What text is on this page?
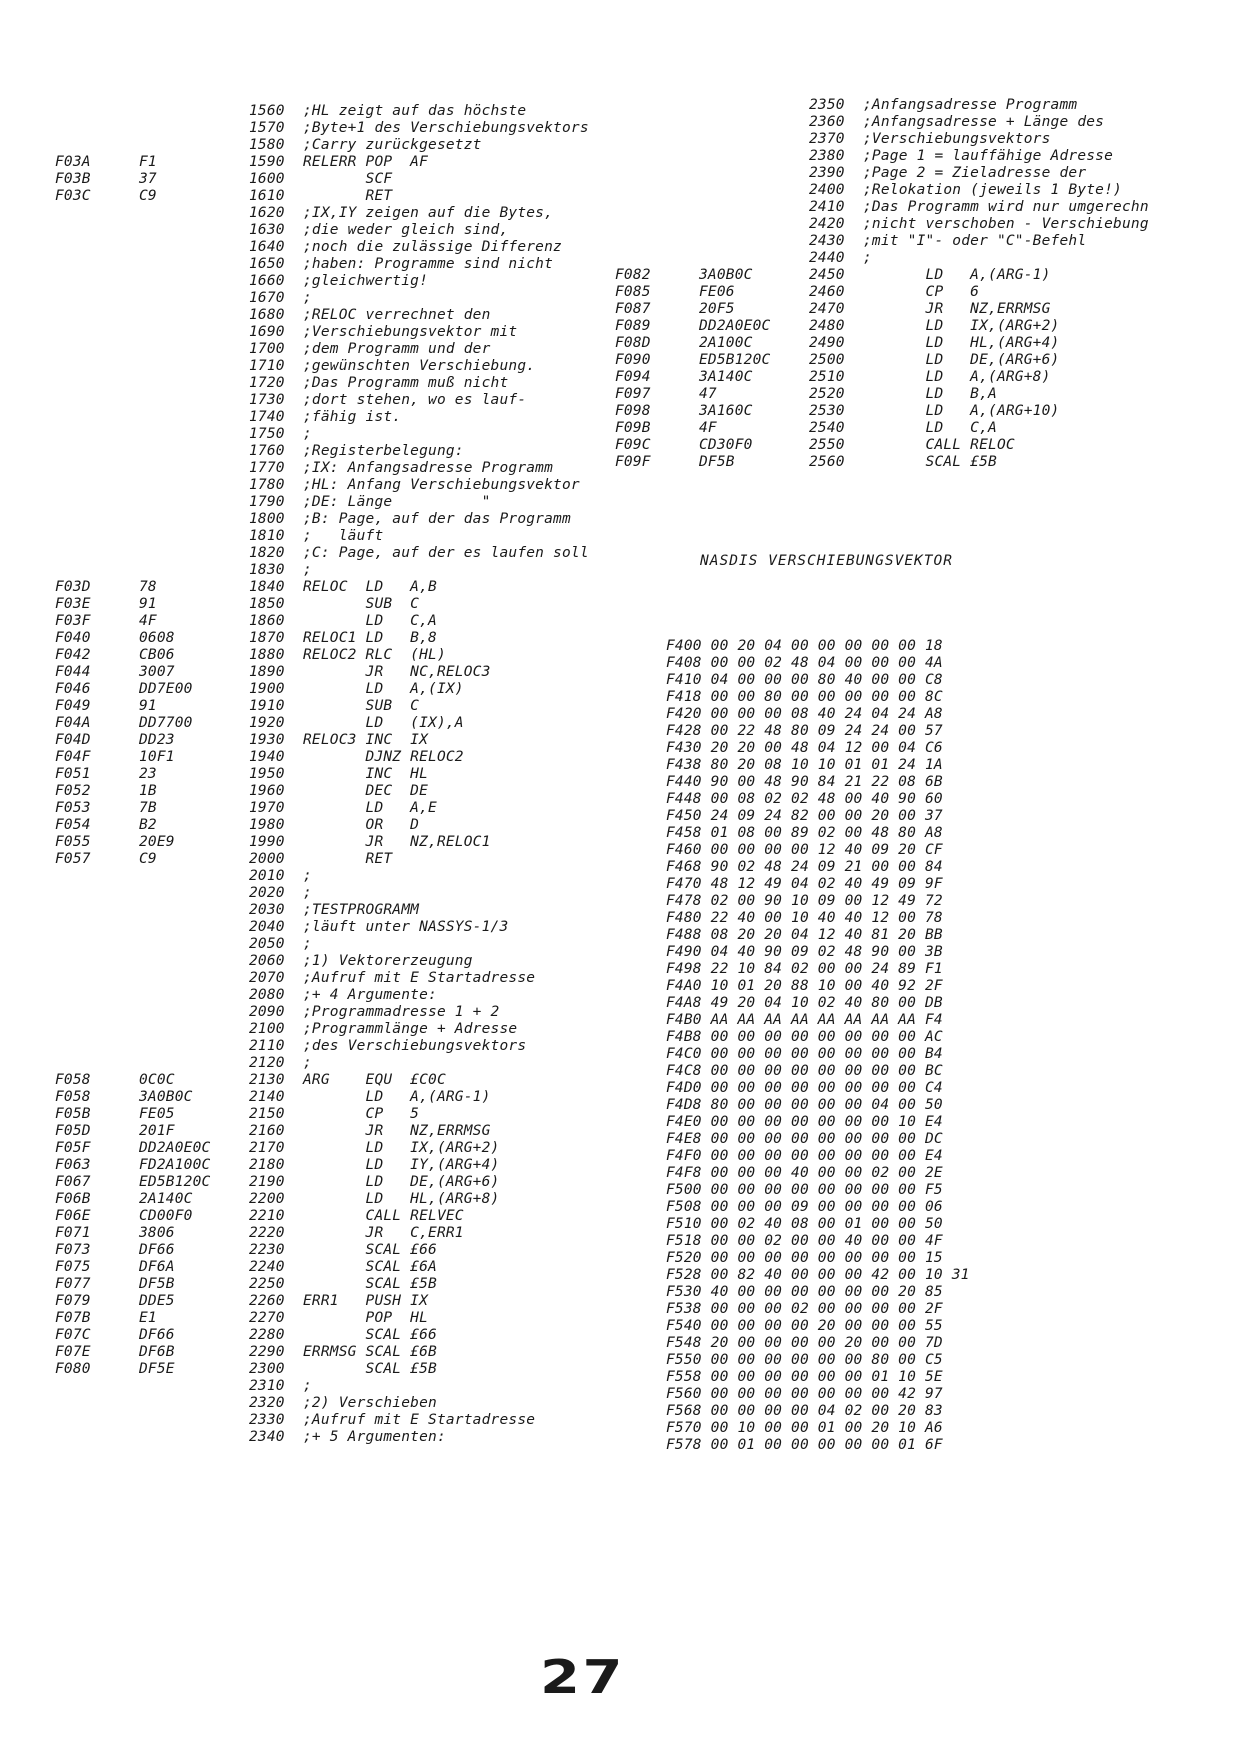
1560 ;HL zeigt auf das höchste
1570 ;Byte+1 des Verschiebungsvektors
1580 ;Carry zurückgesetzt
F03A	F1	1590 RELERR POP  AF
F03B	37	1600       SCF
F03C	C9	1610       RET
1620 ;IX,IY zeigen auf die Bytes,
1630 ;die weder gleich sind,
1640 ;noch die zulässige Differenz
1650 ;haben: Programme sind nicht
1660 ;gleichwertig!
1670 ;
1680 ;RELOC verrechnet den
1690 ;Verschiebungsvektor mit
1700 ;dem Programm und der
1710 ;gewünschten Verschiebung.
1720 ;Das Programm muß nicht
1730 ;dort stehen, wo es lauf-
1740 ;fähig ist.
1750 ;
1760 ;Registerbelegung:
1770 ;IX: Anfangsadresse Programm
1780 ;HL: Anfang Verschiebungsvektor
1790 ;DE: Länge          "
1800 ;B: Page, auf der das Programm
1810 ;   läuft
1820 ;C: Page, auf der es laufen soll
1830 ;
F03D	78	1840 RELOC  LD   A,B
F03E	91	1850       SUB  C
F03F	4F	1860       LD   C,A
F040	0608	1870 RELOC1 LD   B,8
F042	CB06	1880 RELOC2 RLC  (HL)
F044	3007	1890       JR   NC,RELOC3
F046	DD7E00	1900       LD   A,(IX)
F049	91	1910       SUB  C
F04A	DD7700	1920       LD   (IX),A
F04D	DD23	1930 RELOC3 INC  IX
F04F	10F1	1940       DJNZ RELOC2
F051	23	1950       INC  HL
F052	1B	1960       DEC  DE
F053	7B	1970       LD   A,E
F054	B2	1980       OR   D
F055	20E9	1990       JR   NZ,RELOC1
F057	C9	2000       RET
2010 ;
2020 ;
2030 ;TESTPROGRAMM
2040 ;läuft unter NASSYS-1/3
2050 ;
2060 ;1) Vektorerzeugung
2070 ;Aufruf mit E Startadresse
2080 ;+ 4 Argumente:
2090 ;Programmadresse 1 + 2
2100 ;Programmlänge + Adresse
2110 ;des Verschiebungsvektors
2120 ;
F058	0C0C	2130 ARG    EQU  £C0C
F058	3A0B0C	2140       LD   A,(ARG-1)
F05B	FE05	2150       CP   5
F05D	201F	2160       JR   NZ,ERRMSG
F05F	DD2A0E0C	2170       LD   IX,(ARG+2)
F063	FD2A100C	2180       LD   IY,(ARG+4)
F067	ED5B120C	2190       LD   DE,(ARG+6)
F06B	2A140C	2200       LD   HL,(ARG+8)
F06E	CD00F0	2210       CALL RELVEC
F071	3806	2220       JR   C,ERR1
F073	DF66	2230       SCAL £66
F075	DF6A	2240       SCAL £6A
F077	DF5B	2250       SCAL £5B
F079	DDE5	2260 ERR1   PUSH IX
F07B	E1	2270       POP  HL
F07C	DF66	2280       SCAL £66
F07E	DF6B	2290 ERRMSG SCAL £6B
F080	DF5E	2300       SCAL £5B
2310 ;
2320 ;2) Verschieben
2330 ;Aufruf mit E Startadresse
2340 ;+ 5 Argumenten:
2350 ;Anfangsadresse Programm
2360 ;Anfangsadresse + Länge des
2370 ;Verschiebungsvektors
2380 ;Page 1 = lauffähige Adresse
2390 ;Page 2 = Zieladresse der
2400 ;Relokation (jeweils 1 Byte!)
2410 ;Das Programm wird nur umgerechn
2420 ;nicht verschoben - Verschiebung
2430 ;mit "I"- oder "C"-Befehl
2440 ;
F082	3A0B0C	2450       LD   A,(ARG-1)
F085	FE06	2460       CP   6
F087	20F5	2470       JR   NZ,ERRMSG
F089	DD2A0E0C	2480       LD   IX,(ARG+2)
F08D	2A100C	2490       LD   HL,(ARG+4)
F090	ED5B120C	2500       LD   DE,(ARG+6)
F094	3A140C	2510       LD   A,(ARG+8)
F097	47	2520       LD   B,A
F098	3A160C	2530       LD   A,(ARG+10)
F09B	4F	2540       LD   C,A
F09C	CD30F0	2550       CALL RELOC
F09F	DF5B	2560       SCAL £5B
NASDIS VERSCHIEBUNGSVEKTOR
F400 00 20 04 00 00 00 00 00 18
F408 00 00 02 48 04 00 00 00 4A
F410 04 00 00 00 80 40 00 00 C8
F418 00 00 80 00 00 00 00 00 8C
F420 00 00 00 08 40 24 04 24 A8
F428 00 22 48 80 09 24 24 00 57
F430 20 20 00 48 04 12 00 04 C6
F438 80 20 08 10 10 01 01 24 1A
F440 90 00 48 90 84 21 22 08 6B
F448 00 08 02 02 48 00 40 90 60
F450 24 09 24 82 00 00 20 00 37
F458 01 08 00 89 02 00 48 80 A8
F460 00 00 00 00 12 40 09 20 CF
F468 90 02 48 24 09 21 00 00 84
F470 48 12 49 04 02 40 49 09 9F
F478 02 00 90 10 09 00 12 49 72
F480 22 40 00 10 40 40 12 00 78
F488 08 20 20 04 12 40 81 20 BB
F490 04 40 90 09 02 48 90 00 3B
F498 22 10 84 02 00 00 24 89 F1
F4A0 10 01 20 88 10 00 40 92 2F
F4A8 49 20 04 10 02 40 80 00 DB
F4B0 AA AA AA AA AA AA AA AA F4
F4B8 00 00 00 00 00 00 00 00 AC
F4C0 00 00 00 00 00 00 00 00 B4
F4C8 00 00 00 00 00 00 00 00 BC
F4D0 00 00 00 00 00 00 00 00 C4
F4D8 80 00 00 00 00 00 04 00 50
F4E0 00 00 00 00 00 00 00 10 E4
F4E8 00 00 00 00 00 00 00 00 DC
F4F0 00 00 00 00 00 00 00 00 E4
F4F8 00 00 00 40 00 00 02 00 2E
F500 00 00 00 00 00 00 00 00 F5
F508 00 00 00 09 00 00 00 00 06
F510 00 02 40 08 00 01 00 00 50
F518 00 00 02 00 00 40 00 00 4F
F520 00 00 00 00 00 00 00 00 15
F528 00 82 40 00 00 00 42 00 10 31
F530 40 00 00 00 00 00 00 20 85
F538 00 00 00 02 00 00 00 00 2F
F540 00 00 00 00 20 00 00 00 55
F548 20 00 00 00 00 20 00 00 7D
F550 00 00 00 00 00 00 80 00 C5
F558 00 00 00 00 00 00 01 10 5E
F560 00 00 00 00 00 00 00 42 97
F568 00 00 00 00 04 02 00 20 83
F570 00 10 00 00 01 00 20 10 A6
F578 00 01 00 00 00 00 00 01 6F
27
